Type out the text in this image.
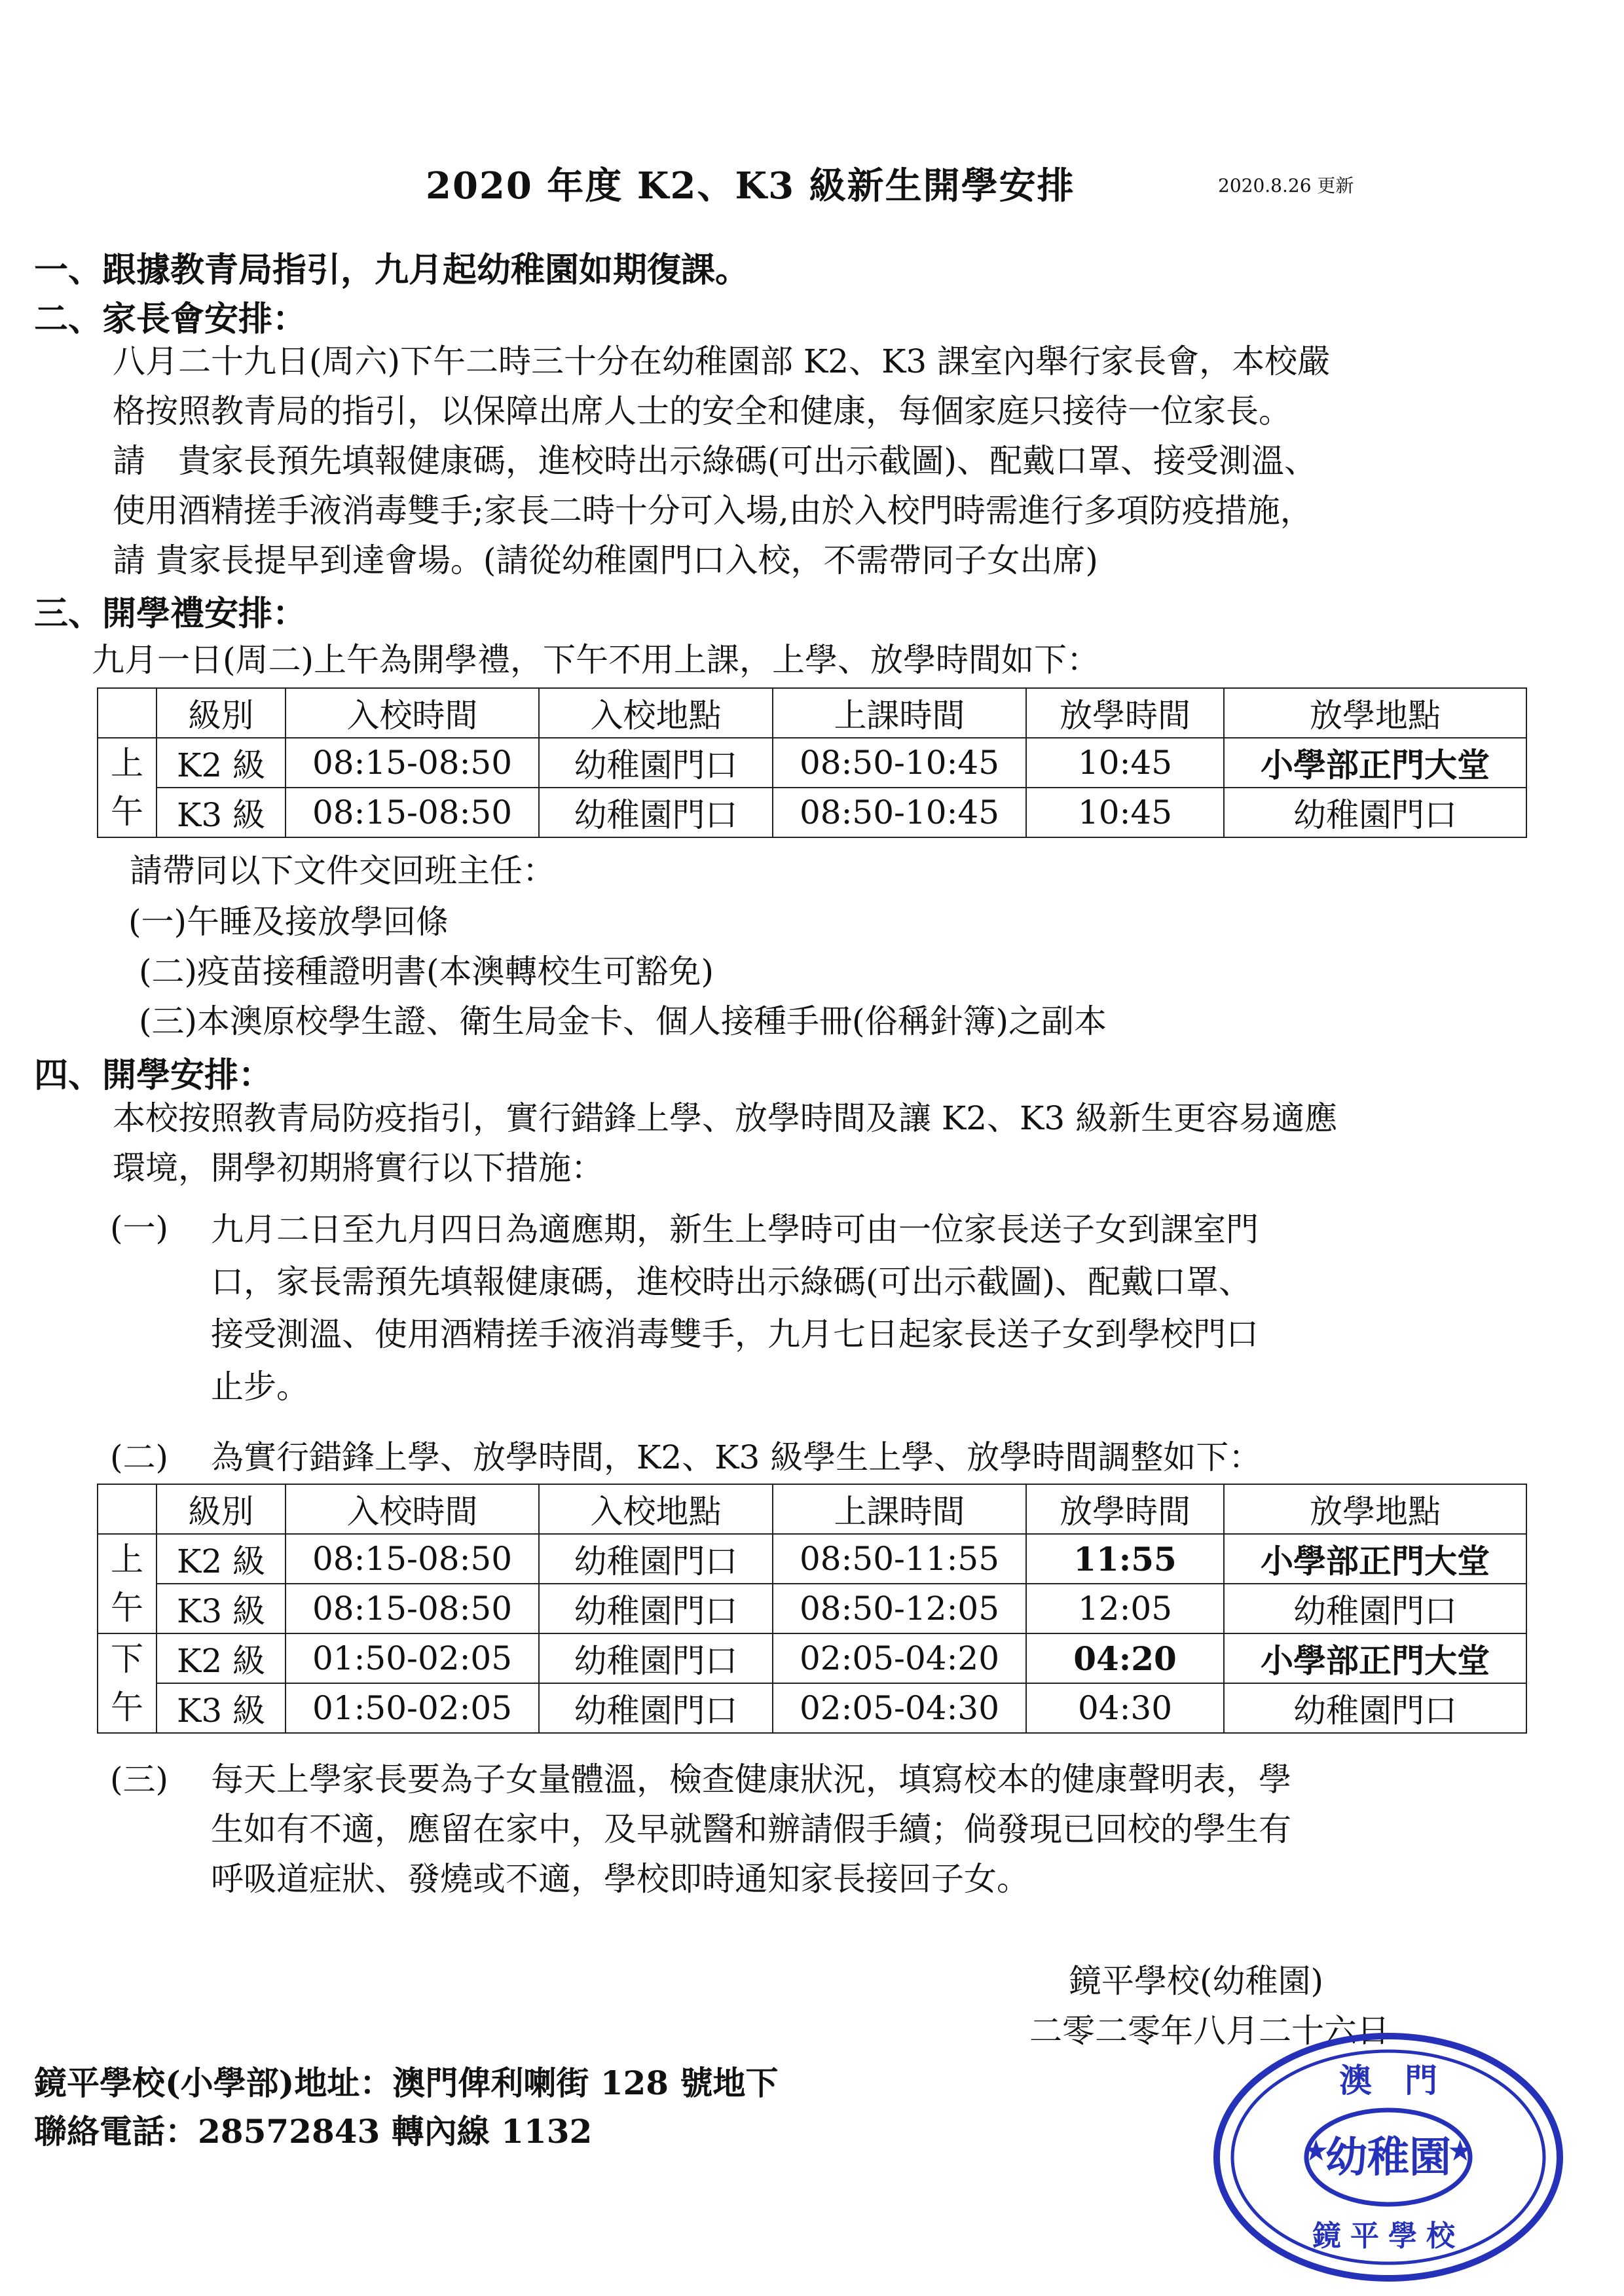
2020 年度 K2、K3 級新生開學安排	2020.8.26 更新
一、跟據教青局指引，九月起幼稚園如期復課。
二、家長會安排：
八月二十九日(周六)下午二時三十分在幼稚園部 K2、K3 課室內舉行家長會，本校嚴
格按照教青局的指引，以保障出席人士的安全和健康，每個家庭只接待一位家長。
請　貴家長預先填報健康碼，進校時出示綠碼(可出示截圖)、配戴口罩、接受測溫、
使用酒精搓手液消毒雙手;家長二時十分可入場,由於入校門時需進行多項防疫措施，
請 貴家長提早到達會場。(請從幼稚園門口入校，不需帶同子女出席)
三、開學禮安排：
九月一日(周二)上午為開學禮，下午不用上課，上學、放學時間如下：
	級別	入校時間	入校地點	上課時間	放學時間	放學地點

上
午	K2 級	08:15-08:50	幼稚園門口	08:50-10:45	10:45	小學部正門大堂
	K3 級	08:15-08:50	幼稚園門口	08:50-10:45	10:45	幼稚園門口
請帶同以下文件交回班主任：
(一)午睡及接放學回條
(二)疫苗接種證明書(本澳轉校生可豁免)
(三)本澳原校學生證、衛生局金卡、個人接種手冊(俗稱針簿)之副本
四、開學安排：
本校按照教青局防疫指引，實行錯鋒上學、放學時間及讓 K2、K3 級新生更容易適應
環境，開學初期將實行以下措施：
(一) 九月二日至九月四日為適應期，新生上學時可由一位家長送子女到課室門
口，家長需預先填報健康碼，進校時出示綠碼(可出示截圖)、配戴口罩、
接受測溫、使用酒精搓手液消毒雙手，九月七日起家長送子女到學校門口
止步。
(二) 為實行錯鋒上學、放學時間，K2、K3 級學生上學、放學時間調整如下：
	級別	入校時間	入校地點	上課時間	放學時間	放學地點

上
午	K2 級	08:15-08:50	幼稚園門口	08:50-11:55	11:55	小學部正門大堂
	K3 級	08:15-08:50	幼稚園門口	08:50-12:05	12:05	幼稚園門口

下
午	K2 級	01:50-02:05	幼稚園門口	02:05-04:20	04:20	小學部正門大堂
	K3 級	01:50-02:05	幼稚園門口	02:05-04:30	04:30	幼稚園門口
(三) 每天上學家長要為子女量體溫，檢查健康狀況，填寫校本的健康聲明表，學
生如有不適，應留在家中，及早就醫和辦請假手續；倘發現已回校的學生有
呼吸道症狀、發燒或不適，學校即時通知家長接回子女。
鏡平學校(幼稚園)
二零二零年八月二十六日
鏡平學校(小學部)地址：澳門俾利喇街 128 號地下
聯絡電話：28572843 轉內線 1132
★	★
澳　門
幼稚園
鏡平學校
